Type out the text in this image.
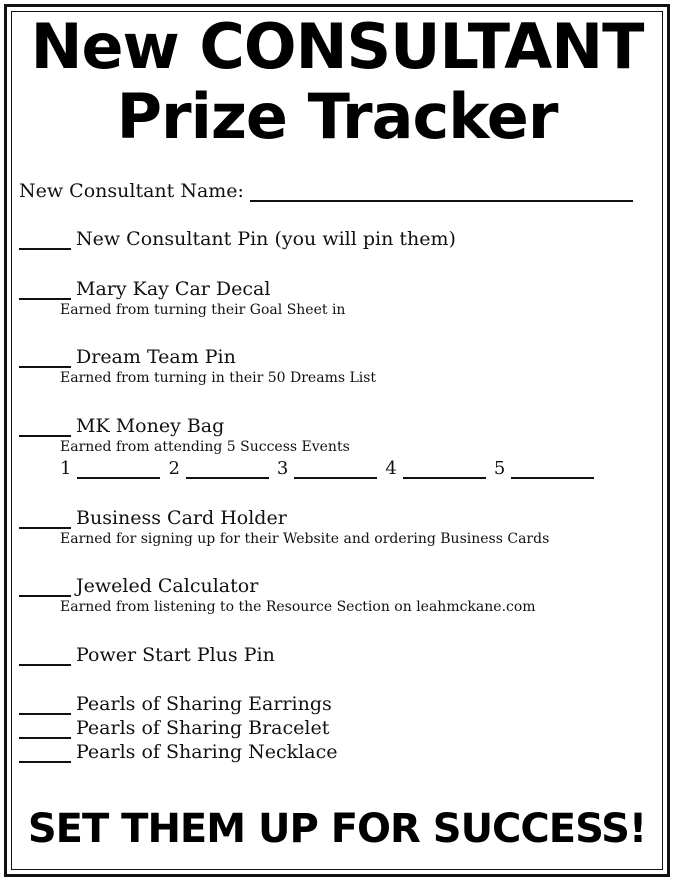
New CONSULTANT
Prize Tracker
New Consultant Name:
New Consultant Pin (you will pin them)
Mary Kay Car Decal
Earned from turning their Goal Sheet in
Dream Team Pin
Earned from turning in their 50 Dreams List
MK Money Bag
Earned from attending 5 Success Events
1	2	3	4	5
Business Card Holder
Earned for signing up for their Website and ordering Business Cards
Jeweled Calculator
Earned from listening to the Resource Section on leahmckane.com
Power Start Plus Pin
Pearls of Sharing Earrings
Pearls of Sharing Bracelet
Pearls of Sharing Necklace
SET THEM UP FOR SUCCESS!
